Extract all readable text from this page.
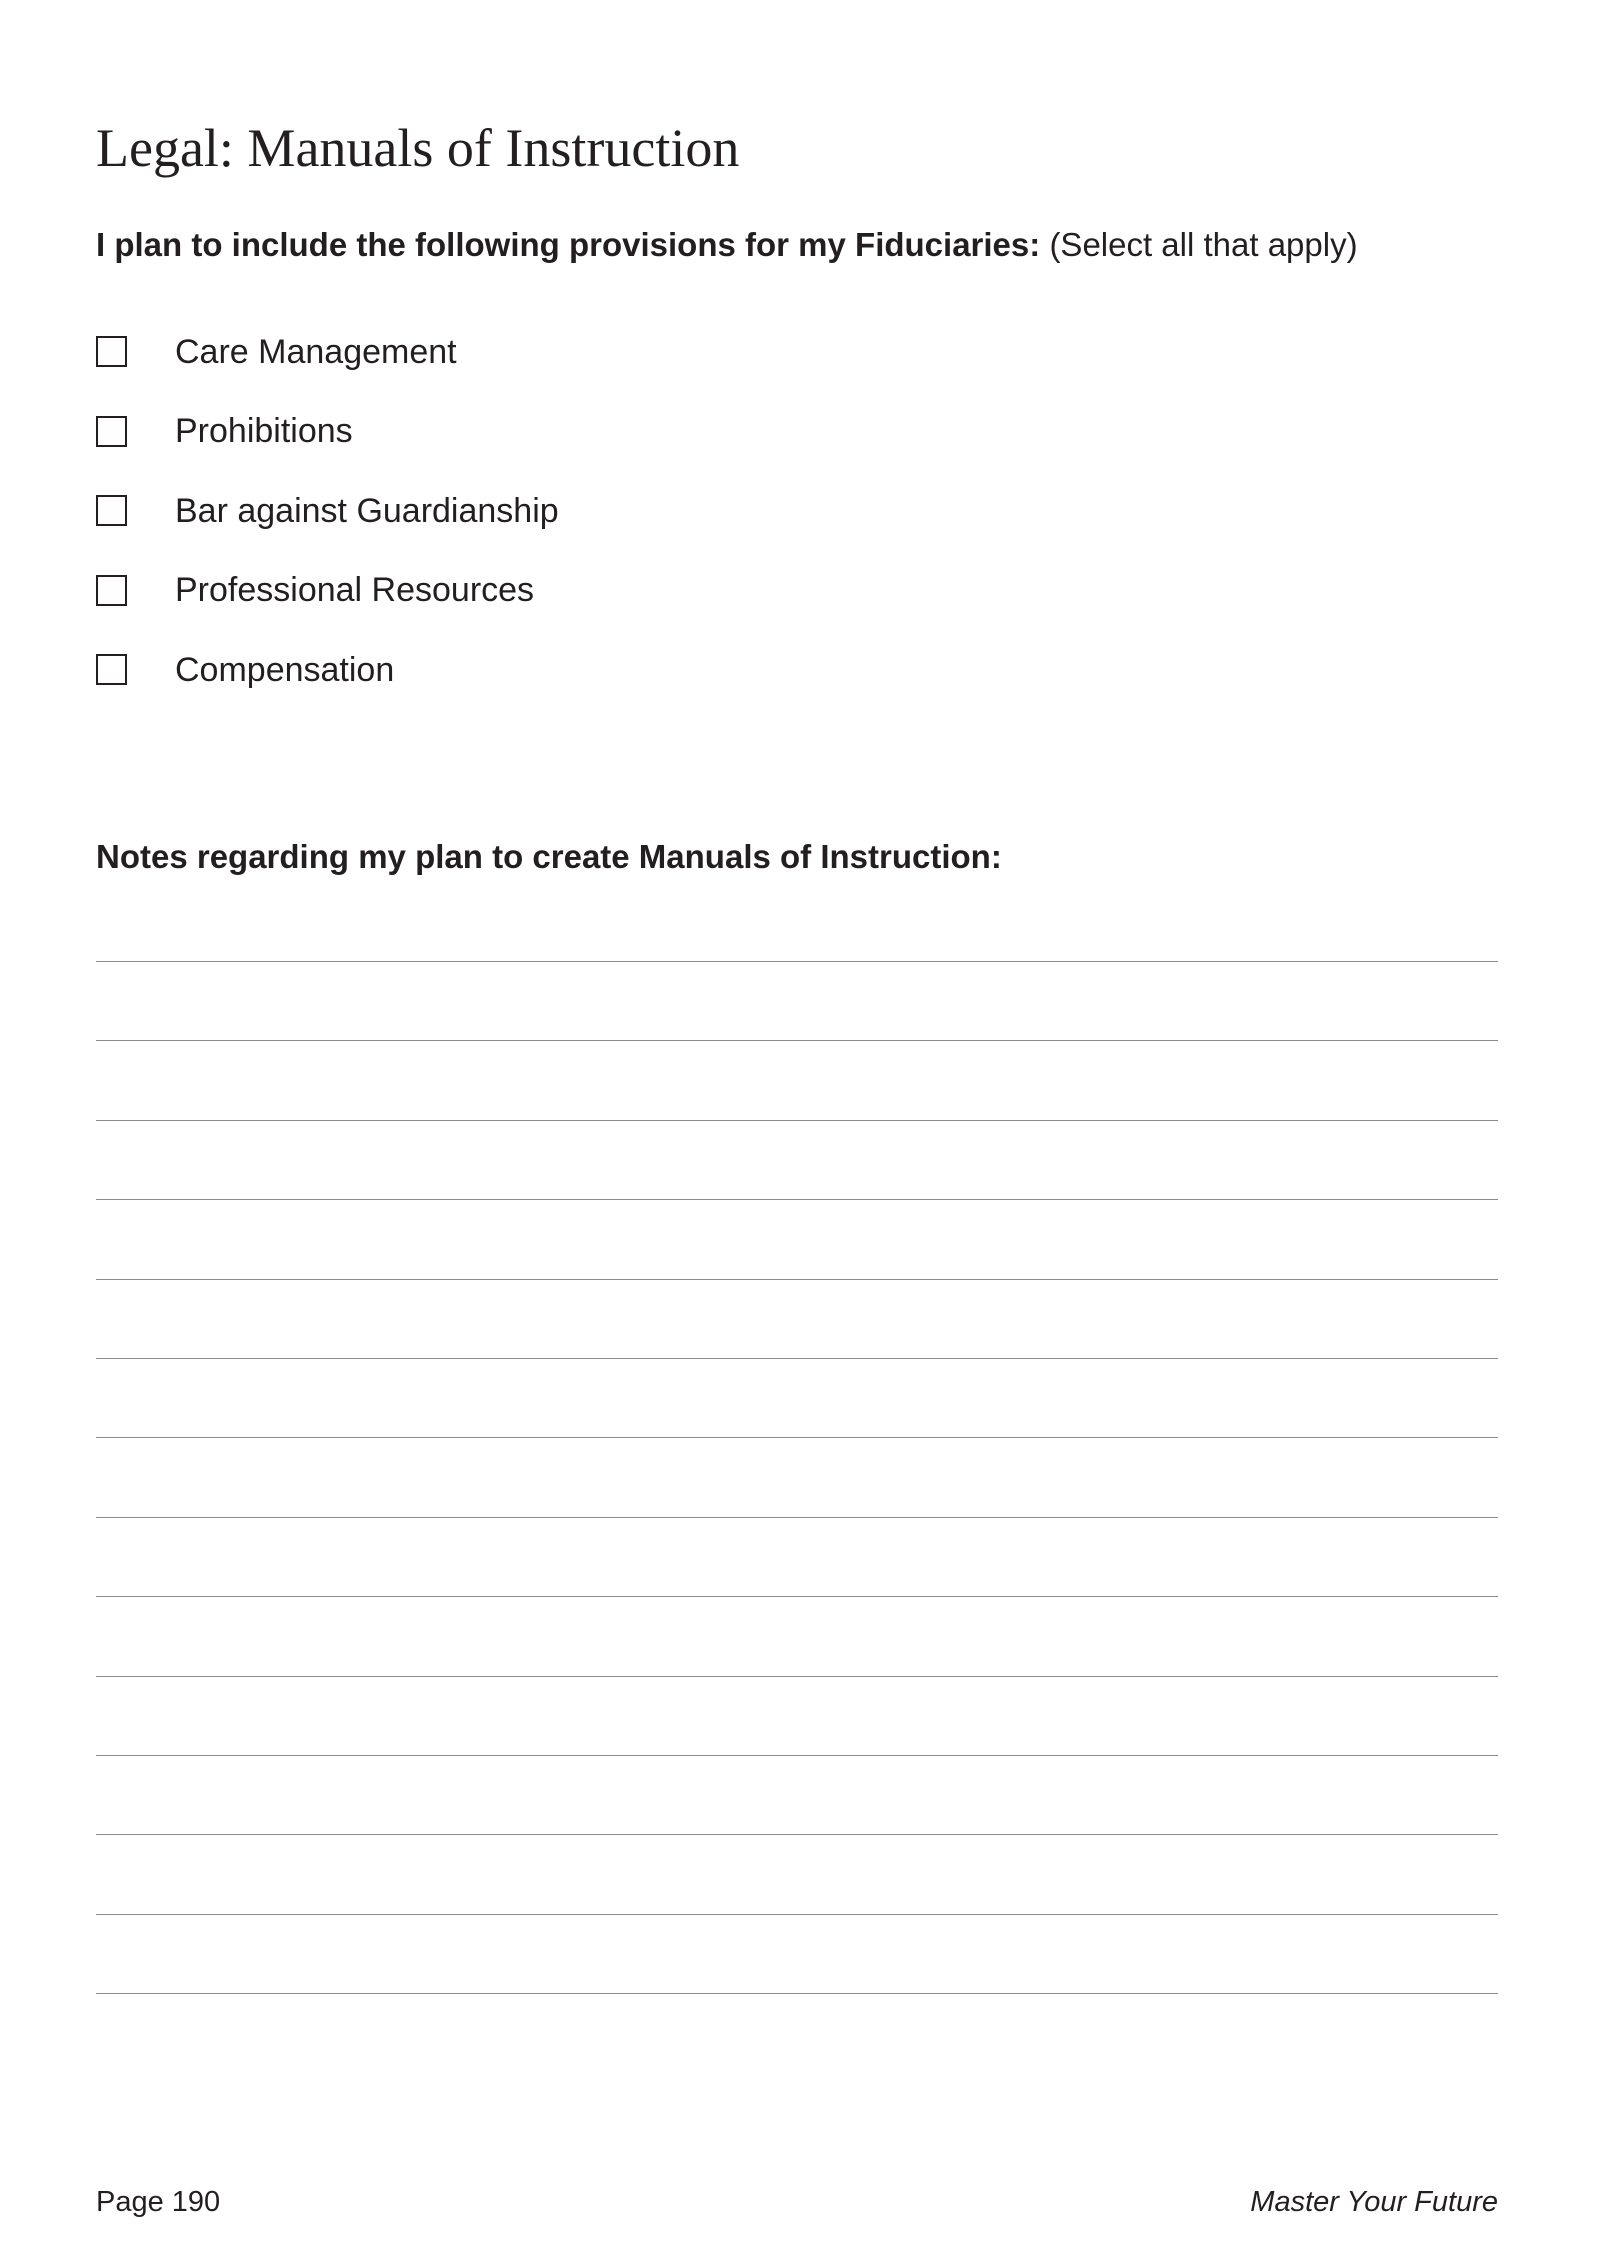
Legal: Manuals of Instruction

I plan to include the following provisions for my Fiduciaries: (Select all that apply)

Care Management
Prohibitions
Bar against Guardianship
Professional Resources
Compensation
Notes regarding my plan to create Manuals of Instruction:
Page 190	Master Your Future
